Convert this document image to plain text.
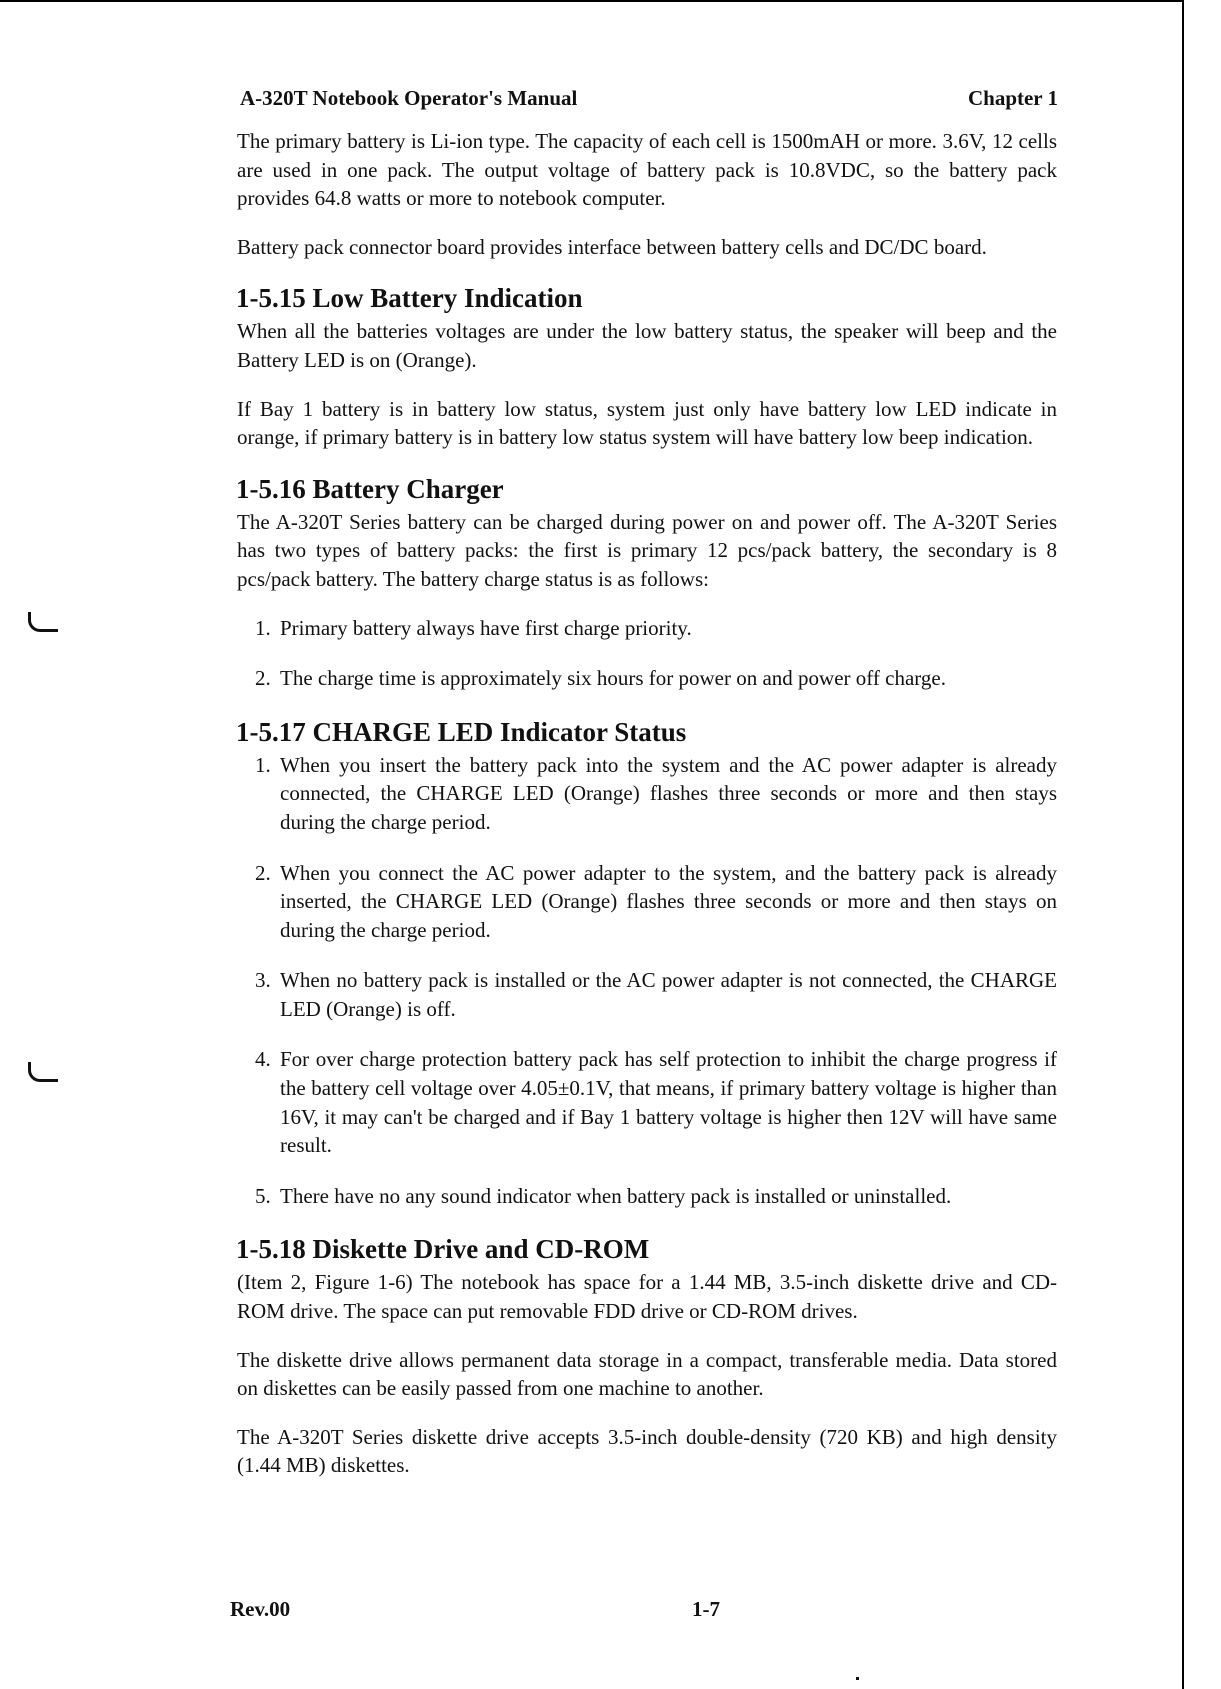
A-320T Notebook Operator's Manual	Chapter 1

The primary battery is Li-ion type. The capacity of each cell is 1500mAH or more. 3.6V, 12 cells are used in one pack. The output voltage of battery pack is 10.8VDC, so the battery pack provides 64.8 watts or more to notebook computer.

Battery pack connector board provides interface between battery cells and DC/DC board.

1-5.15 Low Battery Indication

When all the batteries voltages are under the low battery status, the speaker will beep and the Battery LED is on (Orange).

If Bay 1 battery is in battery low status, system just only have battery low LED indicate in orange, if primary battery is in battery low status system will have battery low beep indication.

1-5.16 Battery Charger

The A-320T Series battery can be charged during power on and power off. The A-320T Series has two types of battery packs: the first is primary 12 pcs/pack battery, the secondary is 8 pcs/pack battery. The battery charge status is as follows:

1. Primary battery always have first charge priority.
2. The charge time is approximately six hours for power on and power off charge.
1-5.17 CHARGE LED Indicator Status
1. When you insert the battery pack into the system and the AC power adapter is already connected, the CHARGE LED (Orange) flashes three seconds or more and then stays during the charge period.
2. When you connect the AC power adapter to the system, and the battery pack is already inserted, the CHARGE LED (Orange) flashes three seconds or more and then stays on during the charge period.
3. When no battery pack is installed or the AC power adapter is not connected, the CHARGE LED (Orange) is off.
4. For over charge protection battery pack has self protection to inhibit the charge progress if the battery cell voltage over 4.05±0.1V, that means, if primary battery voltage is higher than 16V, it may can't be charged and if Bay 1 battery voltage is higher then 12V will have same result.
5. There have no any sound indicator when battery pack is installed or uninstalled.
1-5.18 Diskette Drive and CD-ROM

(Item 2, Figure 1-6) The notebook has space for a 1.44 MB, 3.5-inch diskette drive and CD-ROM drive. The space can put removable FDD drive or CD-ROM drives.

The diskette drive allows permanent data storage in a compact, transferable media. Data stored on diskettes can be easily passed from one machine to another.

The A-320T Series diskette drive accepts 3.5-inch double-density (720 KB) and high density (1.44 MB) diskettes.

Rev.00	1-7
